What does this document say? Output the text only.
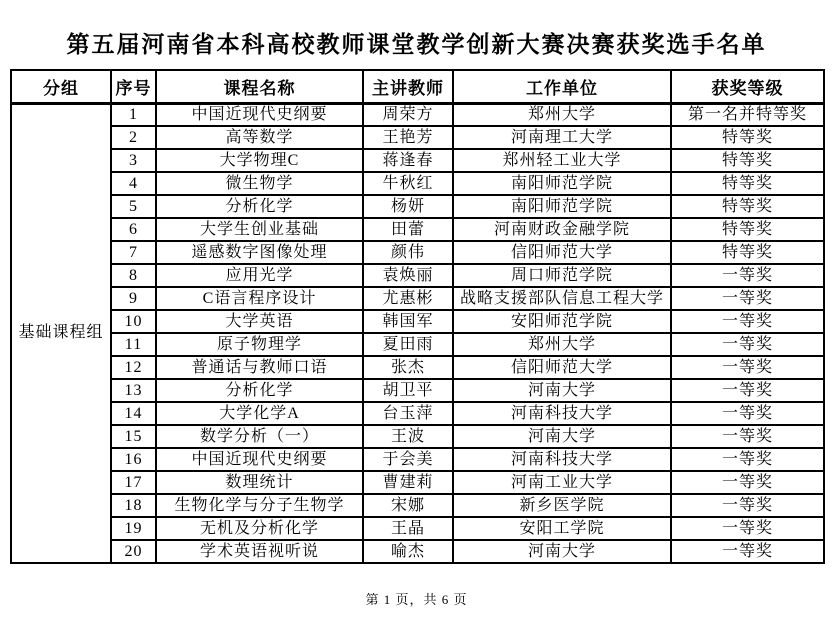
第五届河南省本科高校教师课堂教学创新大赛决赛获奖选手名单
分组	序号	课程名称	主讲教师	工作单位	获奖等级
基础课程组	1	中国近现代史纲要	周荣方	郑州大学	第一名并特等奖
	2	高等数学	王艳芳	河南理工大学	特等奖
	3	大学物理C	蒋逢春	郑州轻工业大学	特等奖
	4	微生物学	牛秋红	南阳师范学院	特等奖
	5	分析化学	杨妍	南阳师范学院	特等奖
	6	大学生创业基础	田蕾	河南财政金融学院	特等奖
	7	遥感数字图像处理	颜伟	信阳师范大学	特等奖
	8	应用光学	袁焕丽	周口师范学院	一等奖
	9	C语言程序设计	尤惠彬	战略支援部队信息工程大学	一等奖
	10	大学英语	韩国军	安阳师范学院	一等奖
	11	原子物理学	夏田雨	郑州大学	一等奖
	12	普通话与教师口语	张杰	信阳师范大学	一等奖
	13	分析化学	胡卫平	河南大学	一等奖
	14	大学化学A	台玉萍	河南科技大学	一等奖
	15	数学分析（一）	王波	河南大学	一等奖
	16	中国近现代史纲要	于会美	河南科技大学	一等奖
	17	数理统计	曹建莉	河南工业大学	一等奖
	18	生物化学与分子生物学	宋娜	新乡医学院	一等奖
	19	无机及分析化学	王晶	安阳工学院	一等奖
	20	学术英语视听说	喻杰	河南大学	一等奖
第 1 页，共 6 页
